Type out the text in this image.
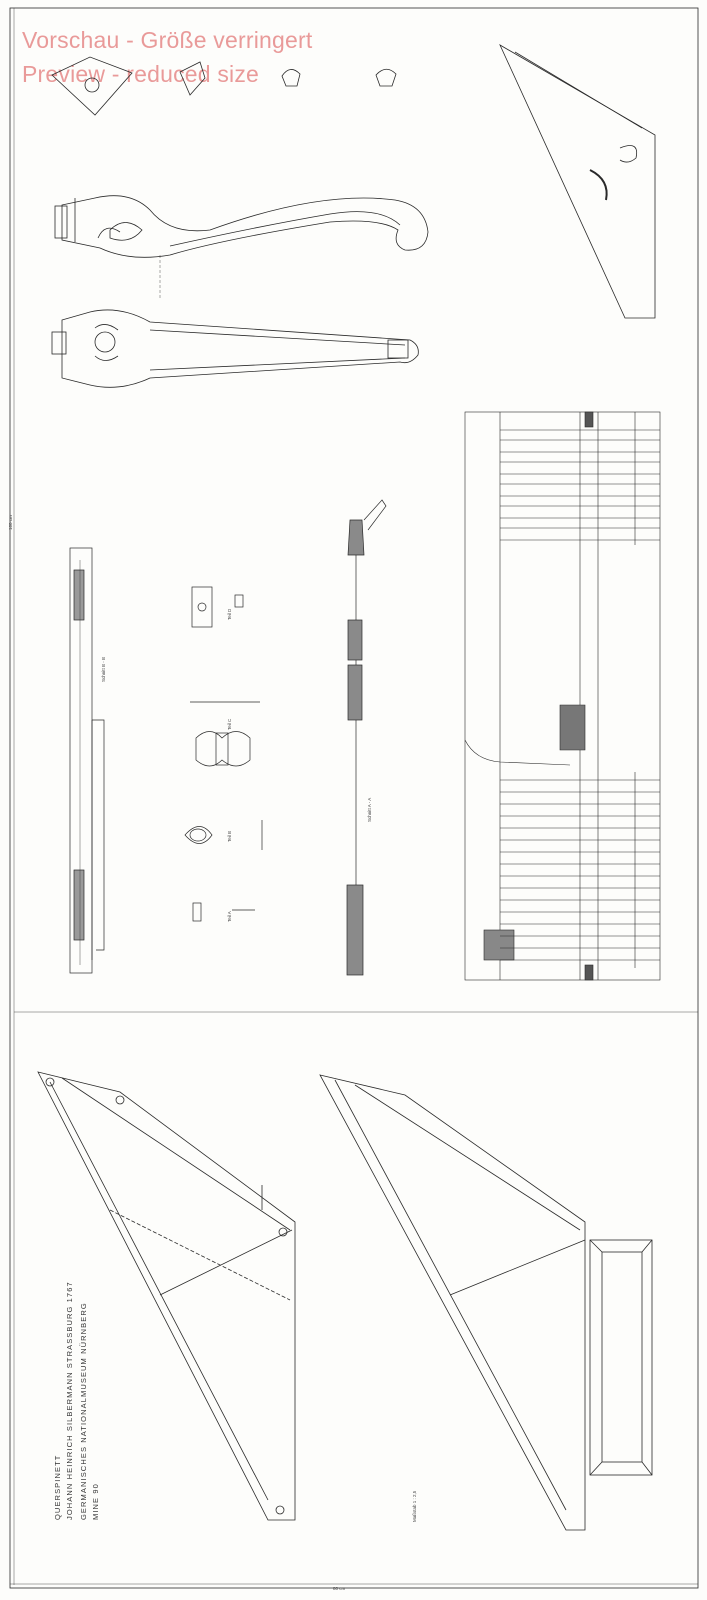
Vorschau - Größe verringert
Preview - reduced size
Schnitt B - B
Schnitt A - A
Teil D
Teil C
Teil B
Teil A
160 cm
QUERSPINETT JOHANN HEINRICH SILBERMANN STRASSBURG 1767 GERMANISCHES NATIONALMUSEUM NÜRNBERG MINE 90	Maßstab 1 : 2,5
80 cm
